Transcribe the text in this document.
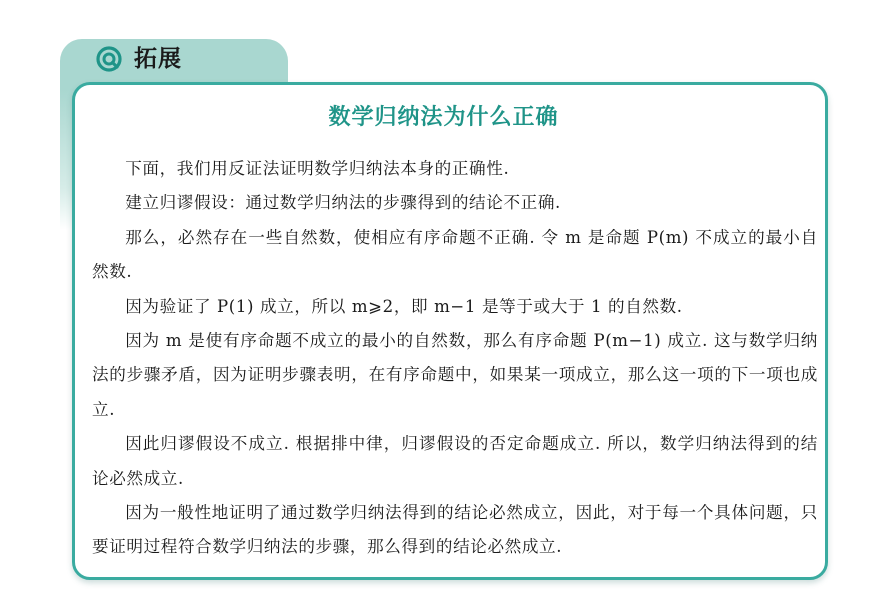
拓展
数学归纳法为什么正确

下面，我们用反证法证明数学归纳法本身的正确性.

建立归谬假设：通过数学归纳法的步骤得到的结论不正确.

那么，必然存在一些自然数，使相应有序命题不正确. 令 m 是命题 P(m) 不成立的最小自然数.

因为验证了 P(1) 成立，所以 m⩾2，即 m−1 是等于或大于 1 的自然数.

因为 m 是使有序命题不成立的最小的自然数，那么有序命题 P(m−1) 成立. 这与数学归纳法的步骤矛盾，因为证明步骤表明，在有序命题中，如果某一项成立，那么这一项的下一项也成立.

因此归谬假设不成立. 根据排中律，归谬假设的否定命题成立. 所以，数学归纳法得到的结论必然成立.

因为一般性地证明了通过数学归纳法得到的结论必然成立，因此，对于每一个具体问题，只要证明过程符合数学归纳法的步骤，那么得到的结论必然成立.
